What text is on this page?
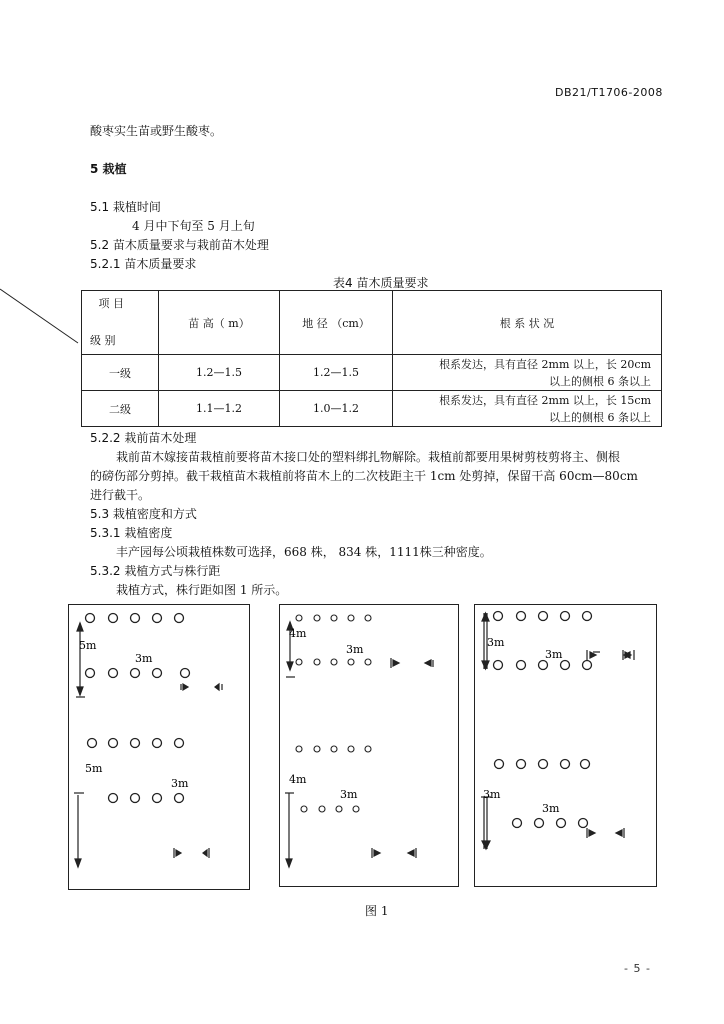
DB21/T1706-2008
酸枣实生苗或野生酸枣。
5 栽植
5.1 栽植时间
4 月中下旬至 5 月上旬
5.2 苗木质量要求与栽前苗木处理
5.2.1 苗木质量要求
表4 苗木质量要求
项 目
级 别	苗 高（ m）	地 径 （cm）	根 系 状 况
一级	1.2—1.5	1.2—1.5	根系发达，具有直径 2mm 以上，长 20cm
以上的侧根 6 条以上

二级	1.1—1.2	1.0—1.2	根系发达，具有直径 2mm 以上，长 15cm
以上的侧根 6 条以上
5.2.2 栽前苗木处理
栽前苗木嫁接苗栽植前要将苗木接口处的塑料绑扎物解除。栽植前都要用果树剪枝剪将主、侧根
的磅伤部分剪掉。截干栽植苗木栽植前将苗木上的二次枝距主干 1cm 处剪掉，保留干高 60cm—80cm
进行截干。
5.3 栽植密度和方式
5.3.1 栽植密度
丰产园每公顷栽植株数可选择，668 株， 834 株，1111株三种密度。
5.3.2 栽植方式与株行距
栽植方式，株行距如图 1 所示。
5m
3m
5m
3m
4m
3m
4m
3m
3m
3m
3m
3m
图 1
- 5 -
